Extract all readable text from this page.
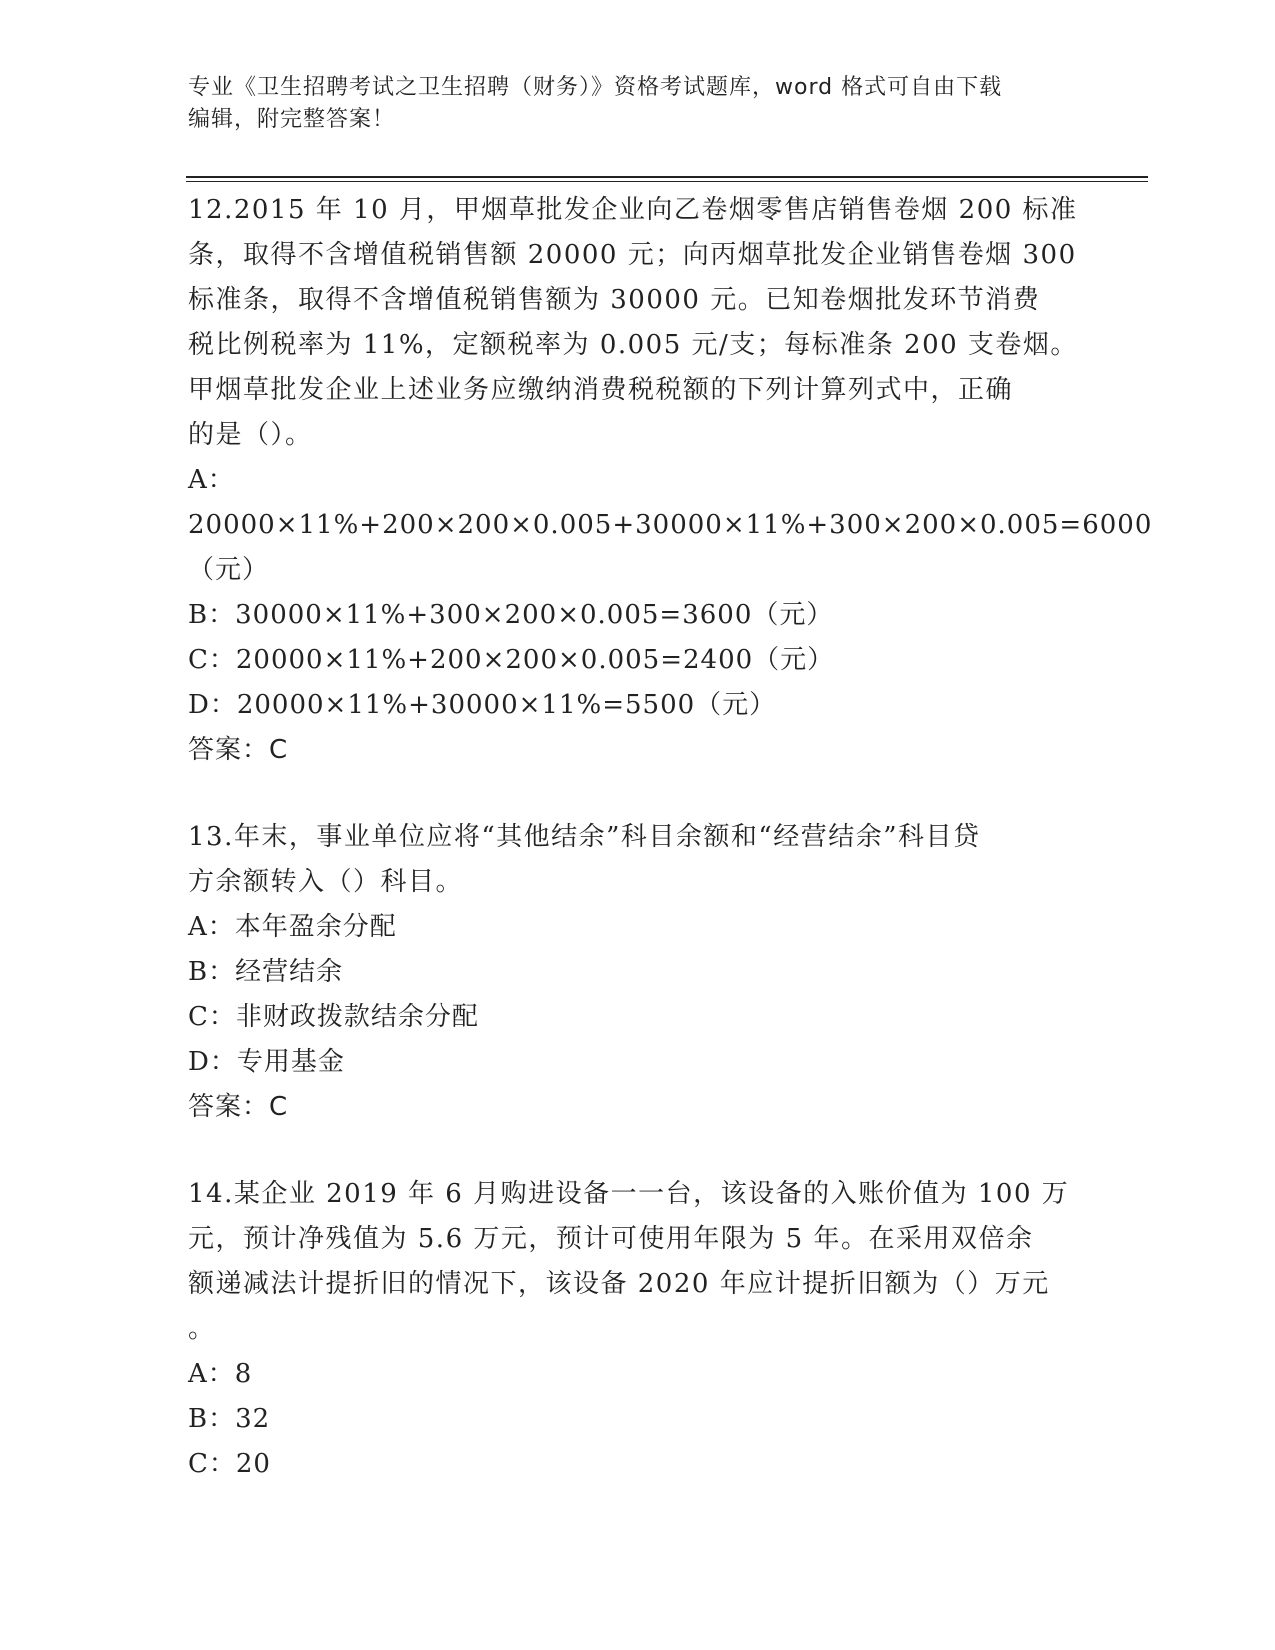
专业《卫生招聘考试之卫生招聘（财务）》资格考试题库，word 格式可自由下载
编辑，附完整答案！
12.2015 年 10 月，甲烟草批发企业向乙卷烟零售店销售卷烟 200 标准
条，取得不含增值税销售额 20000 元；向丙烟草批发企业销售卷烟 300
标准条，取得不含增值税销售额为 30000 元。已知卷烟批发环节消费
税比例税率为 11%，定额税率为 0.005 元/支；每标准条 200 支卷烟。
甲烟草批发企业上述业务应缴纳消费税税额的下列计算列式中，正确
的是（）。
A：20000×11%+200×200×0.005+30000×11%+300×200×0.005=6000
（元）
B：30000×11%+300×200×0.005=3600（元）
C：20000×11%+200×200×0.005=2400（元）
D：20000×11%+30000×11%=5500（元）
答案：C
13.年末，事业单位应将“其他结余”科目余额和“经营结余”科目贷
方余额转入（）科目。
A：本年盈余分配
B：经营结余
C：非财政拨款结余分配
D：专用基金
答案：C
14.某企业 2019 年 6 月购进设备一一台，该设备的入账价值为 100 万
元，预计净残值为 5.6 万元，预计可使用年限为 5 年。在采用双倍余
额递减法计提折旧的情况下，该设备 2020 年应计提折旧额为（）万元
。
A：8
B：32
C：20
